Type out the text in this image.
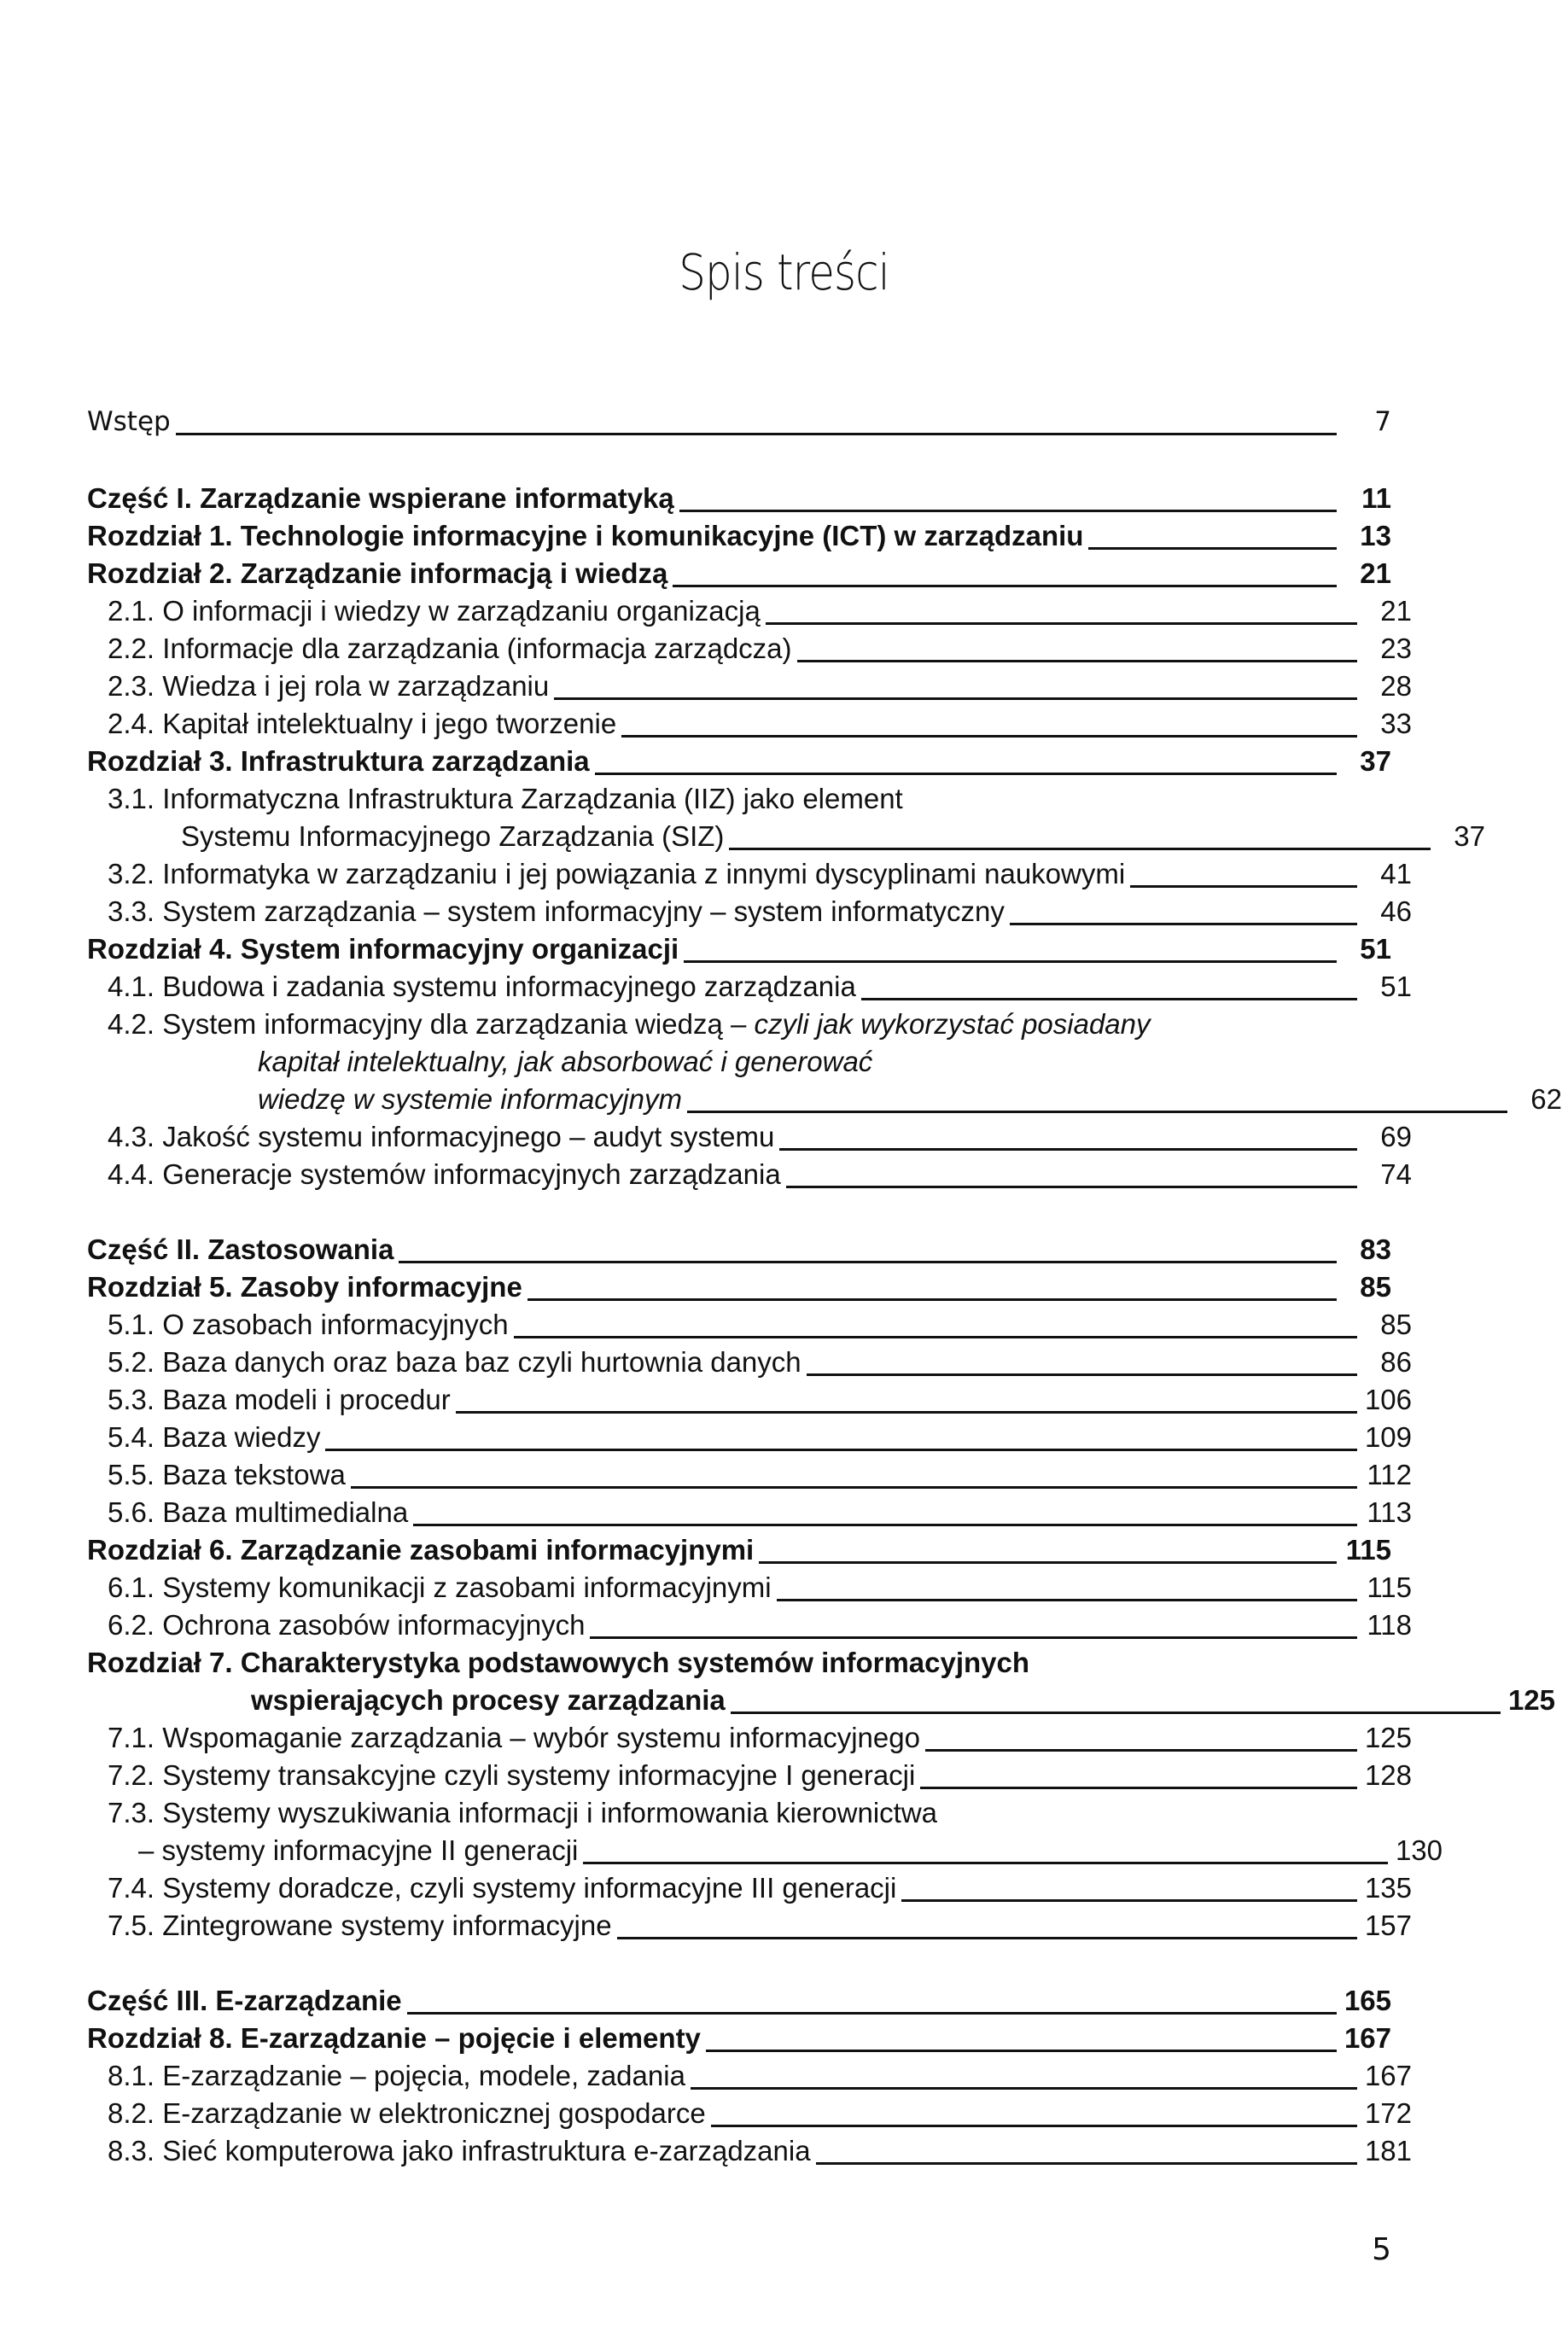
Spis treści
Wstęp	7
Część I. Zarządzanie wspierane informatyką	11
Rozdział 1. Technologie informacyjne i komunikacyjne (ICT) w zarządzaniu	13
Rozdział 2. Zarządzanie informacją i wiedzą	21
2.1. O informacji i wiedzy w zarządzaniu organizacją	21
2.2. Informacje dla zarządzania (informacja zarządcza)	23
2.3. Wiedza i jej rola w zarządzaniu	28
2.4. Kapitał intelektualny i jego tworzenie	33
Rozdział 3. Infrastruktura zarządzania	37
3.1. Informatyczna Infrastruktura Zarządzania (IIZ) jako element
Systemu Informacyjnego Zarządzania (SIZ)	37
3.2. Informatyka w zarządzaniu i jej powiązania z innymi dyscyplinami naukowymi	41
3.3. System zarządzania – system informacyjny – system informatyczny	46
Rozdział 4. System informacyjny organizacji	51
4.1. Budowa i zadania systemu informacyjnego zarządzania	51
4.2. System informacyjny dla zarządzania wiedzą – czyli jak wykorzystać posiadany
kapitał intelektualny, jak absorbować i generować
wiedzę w systemie informacyjnym	62
4.3. Jakość systemu informacyjnego – audyt systemu	69
4.4. Generacje systemów informacyjnych zarządzania	74
Część II. Zastosowania	83
Rozdział 5. Zasoby informacyjne	85
5.1. O zasobach informacyjnych	85
5.2. Baza danych oraz baza baz czyli hurtownia danych	86
5.3. Baza modeli i procedur	106
5.4. Baza wiedzy	109
5.5. Baza tekstowa	112
5.6. Baza multimedialna	113
Rozdział 6. Zarządzanie zasobami informacyjnymi	115
6.1. Systemy komunikacji z zasobami informacyjnymi	115
6.2. Ochrona zasobów informacyjnych	118
Rozdział 7. Charakterystyka podstawowych systemów informacyjnych
wspierających procesy zarządzania	125
7.1. Wspomaganie zarządzania – wybór systemu informacyjnego	125
7.2. Systemy transakcyjne czyli systemy informacyjne I generacji	128
7.3. Systemy wyszukiwania informacji i informowania kierownictwa
– systemy informacyjne II generacji	130
7.4. Systemy doradcze, czyli systemy informacyjne III generacji	135
7.5. Zintegrowane systemy informacyjne	157
Część III. E-zarządzanie	165
Rozdział 8. E-zarządzanie – pojęcie i elementy	167
8.1. E-zarządzanie – pojęcia, modele, zadania	167
8.2. E-zarządzanie w elektronicznej gospodarce	172
8.3. Sieć komputerowa jako infrastruktura e-zarządzania	181
5
